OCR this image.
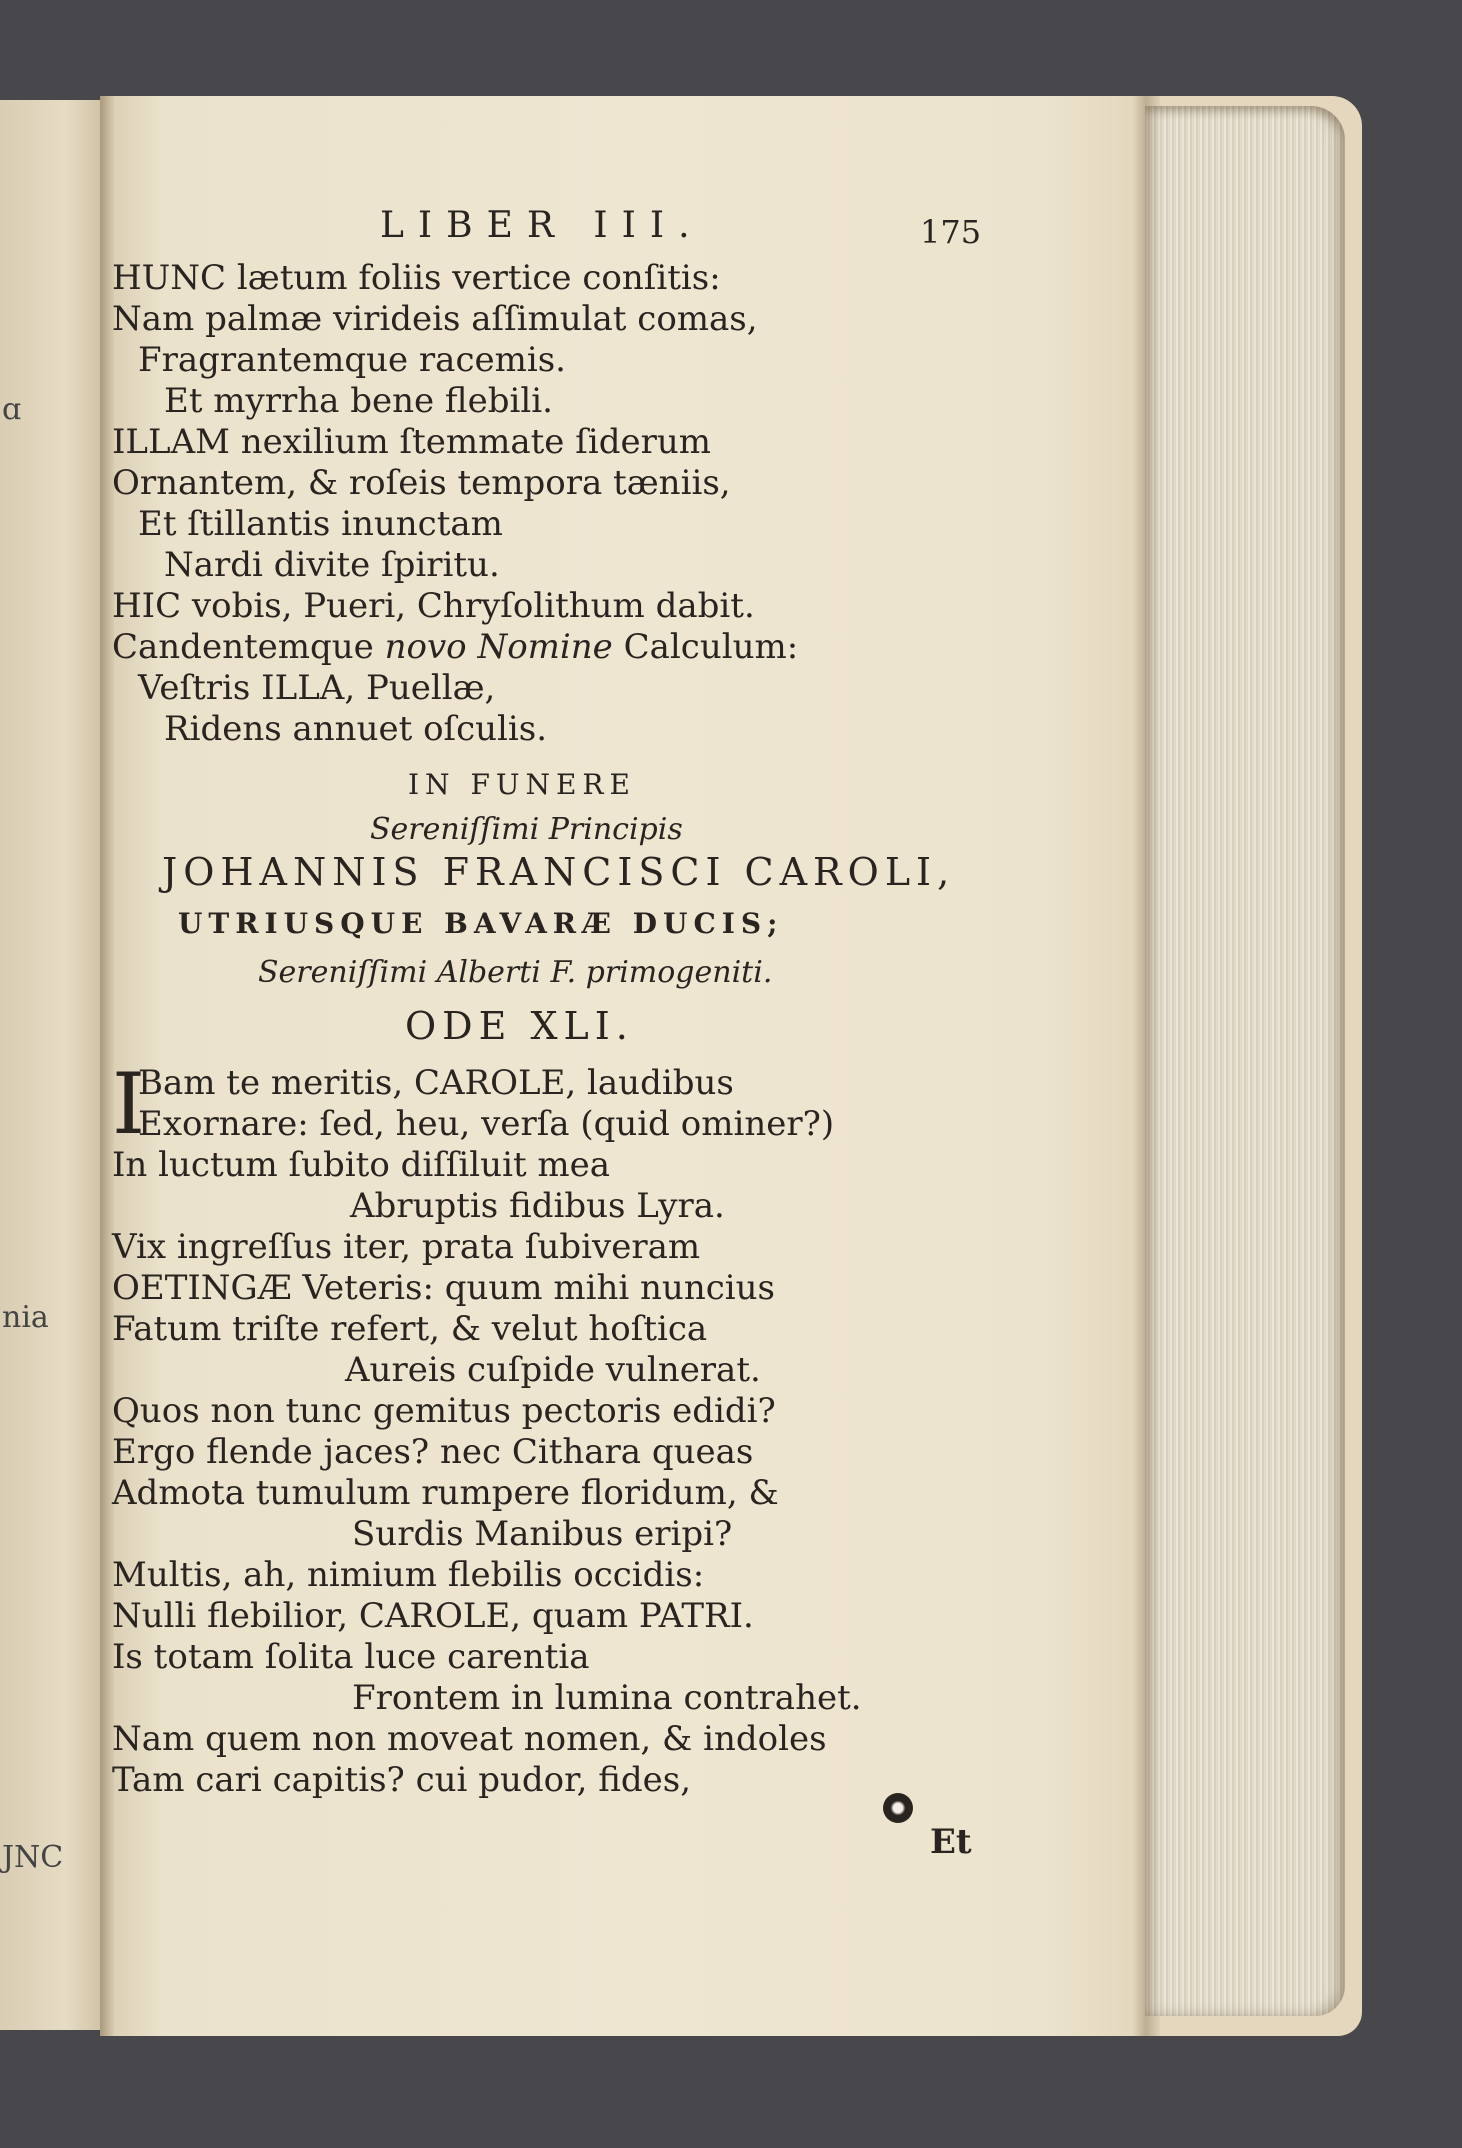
ɑ
nia
JNC
LIBER III.	175
HUNC lætum foliis vertice conſitis:
Nam palmæ virideis aſſimulat comas,
Fragrantemque racemis.
Et myrrha bene flebili.
ILLAM nexilium ſtemmate ſiderum
Ornantem, & roſeis tempora tæniis,
Et ſtillantis inunctam
Nardi divite ſpiritu.
HIC vobis, Pueri, Chryſolithum dabit.
Candentemque novo Nomine Calculum:
Veſtris ILLA, Puellæ,
Ridens annuet oſculis.
IN FUNERE
Sereniſſimi Principis
JOHANNIS FRANCISCI CAROLI,
UTRIUSQUE BAVARÆ DUCIS;
Sereniſſimi Alberti F. primogeniti.
ODE XLI.
I
Bam te meritis, CAROLE, laudibus
Exornare: ſed, heu, verſa (quid ominer?)
In luctum ſubito diſſiluit mea
Abruptis fidibus Lyra.
Vix ingreſſus iter, prata ſubiveram
OETINGÆ Veteris: quum mihi nuncius
Fatum triſte refert, & velut hoſtica
Aureis cuſpide vulnerat.
Quos non tunc gemitus pectoris edidi?
Ergo flende jaces? nec Cithara queas
Admota tumulum rumpere floridum, &
Surdis Manibus eripi?
Multis, ah, nimium flebilis occidis:
Nulli flebilior, CAROLE, quam PATRI.
Is totam ſolita luce carentia
Frontem in lumina contrahet.
Nam quem non moveat nomen, & indoles
Tam cari capitis? cui pudor, fides,
Et
